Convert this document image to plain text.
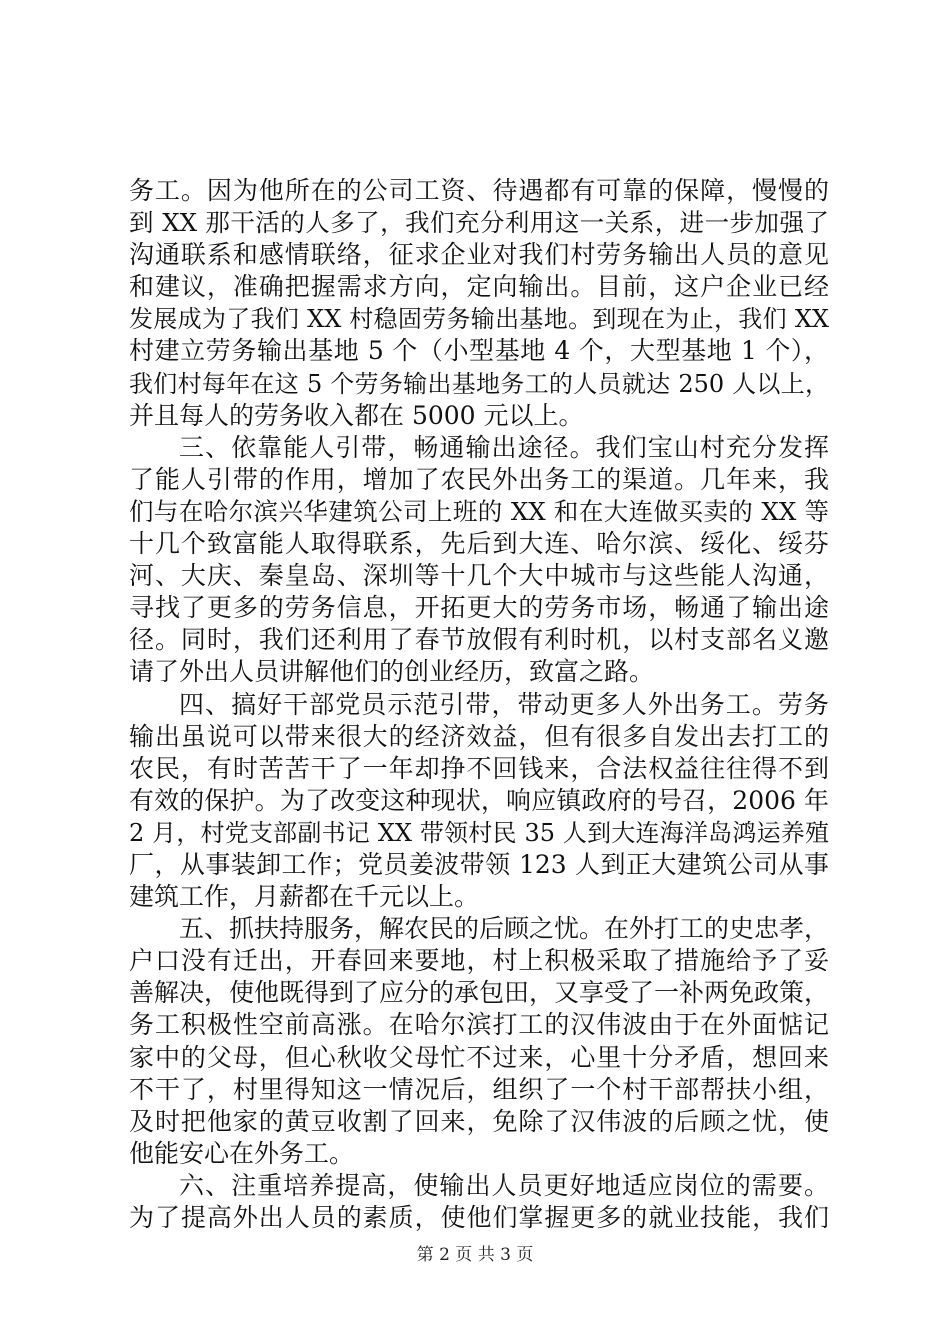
务工。因为他所在的公司工资、待遇都有可靠的保障，慢慢的
到 XX 那干活的人多了，我们充分利用这一关系，进一步加强了
沟通联系和感情联络，征求企业对我们村劳务输出人员的意见
和建议，准确把握需求方向，定向输出。目前，这户企业已经
发展成为了我们 XX 村稳固劳务输出基地。到现在为止，我们 XX
村建立劳务输出基地 5 个（小型基地 4 个，大型基地 1 个），
我们村每年在这 5 个劳务输出基地务工的人员就达 250 人以上，
并且每人的劳务收入都在 5000 元以上。
三、依靠能人引带，畅通输出途径。我们宝山村充分发挥
了能人引带的作用，增加了农民外出务工的渠道。几年来，我
们与在哈尔滨兴华建筑公司上班的 XX 和在大连做买卖的 XX 等
十几个致富能人取得联系，先后到大连、哈尔滨、绥化、绥芬
河、大庆、秦皇岛、深圳等十几个大中城市与这些能人沟通，
寻找了更多的劳务信息，开拓更大的劳务市场，畅通了输出途
径。同时，我们还利用了春节放假有利时机，以村支部名义邀
请了外出人员讲解他们的创业经历，致富之路。
四、搞好干部党员示范引带，带动更多人外出务工。劳务
输出虽说可以带来很大的经济效益，但有很多自发出去打工的
农民，有时苦苦干了一年却挣不回钱来，合法权益往往得不到
有效的保护。为了改变这种现状，响应镇政府的号召，2006 年
2 月，村党支部副书记 XX 带领村民 35 人到大连海洋岛鸿运养殖
厂，从事装卸工作；党员姜波带领 123 人到正大建筑公司从事
建筑工作，月薪都在千元以上。
五、抓扶持服务，解农民的后顾之忧。在外打工的史忠孝，
户口没有迁出，开春回来要地，村上积极采取了措施给予了妥
善解决，使他既得到了应分的承包田，又享受了一补两免政策，
务工积极性空前高涨。在哈尔滨打工的汉伟波由于在外面惦记
家中的父母，但心秋收父母忙不过来，心里十分矛盾，想回来
不干了，村里得知这一情况后，组织了一个村干部帮扶小组，
及时把他家的黄豆收割了回来，免除了汉伟波的后顾之忧，使
他能安心在外务工。
六、注重培养提高，使输出人员更好地适应岗位的需要。
为了提高外出人员的素质，使他们掌握更多的就业技能，我们
第 2 页 共 3 页
